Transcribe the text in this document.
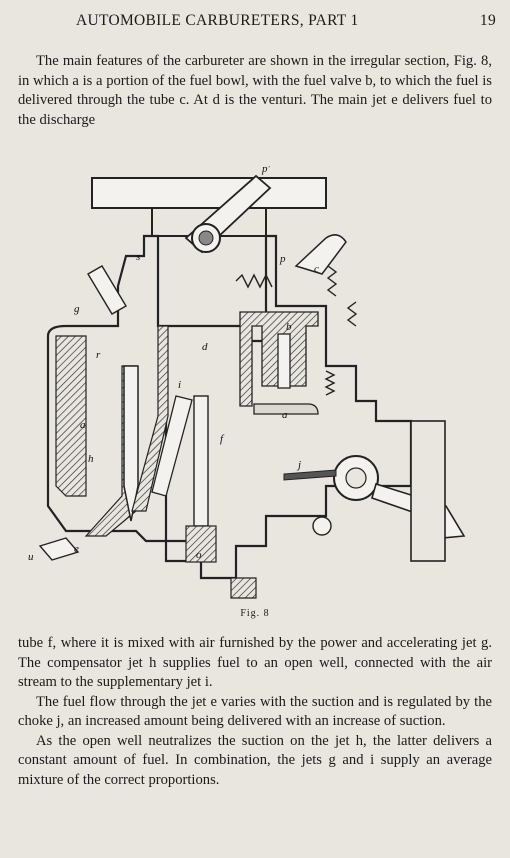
AUTOMOBILE CARBURETERS, PART 1	19

The main features of the carbureter are shown in the irregular section, Fig. 8, in which a is a portion of the fuel bowl, with the fuel valve b, to which the fuel is delivered through the tube c. At d is the venturi. The main jet e delivers fuel to the discharge

p′
s	p
c
g
d
b
r
i
a
a
f
h	j
e
u	o
Fig. 8

tube f, where it is mixed with air furnished by the power and accelerating jet g. The compensator jet h supplies fuel to an open well, connected with the air stream to the supplementary jet i.

The fuel flow through the jet e varies with the suction and is regulated by the choke j, an increased amount being delivered with an increase of suction.

As the open well neutralizes the suction on the jet h, the latter delivers a constant amount of fuel. In combination, the jets g and i supply an average mixture of the correct proportions.
